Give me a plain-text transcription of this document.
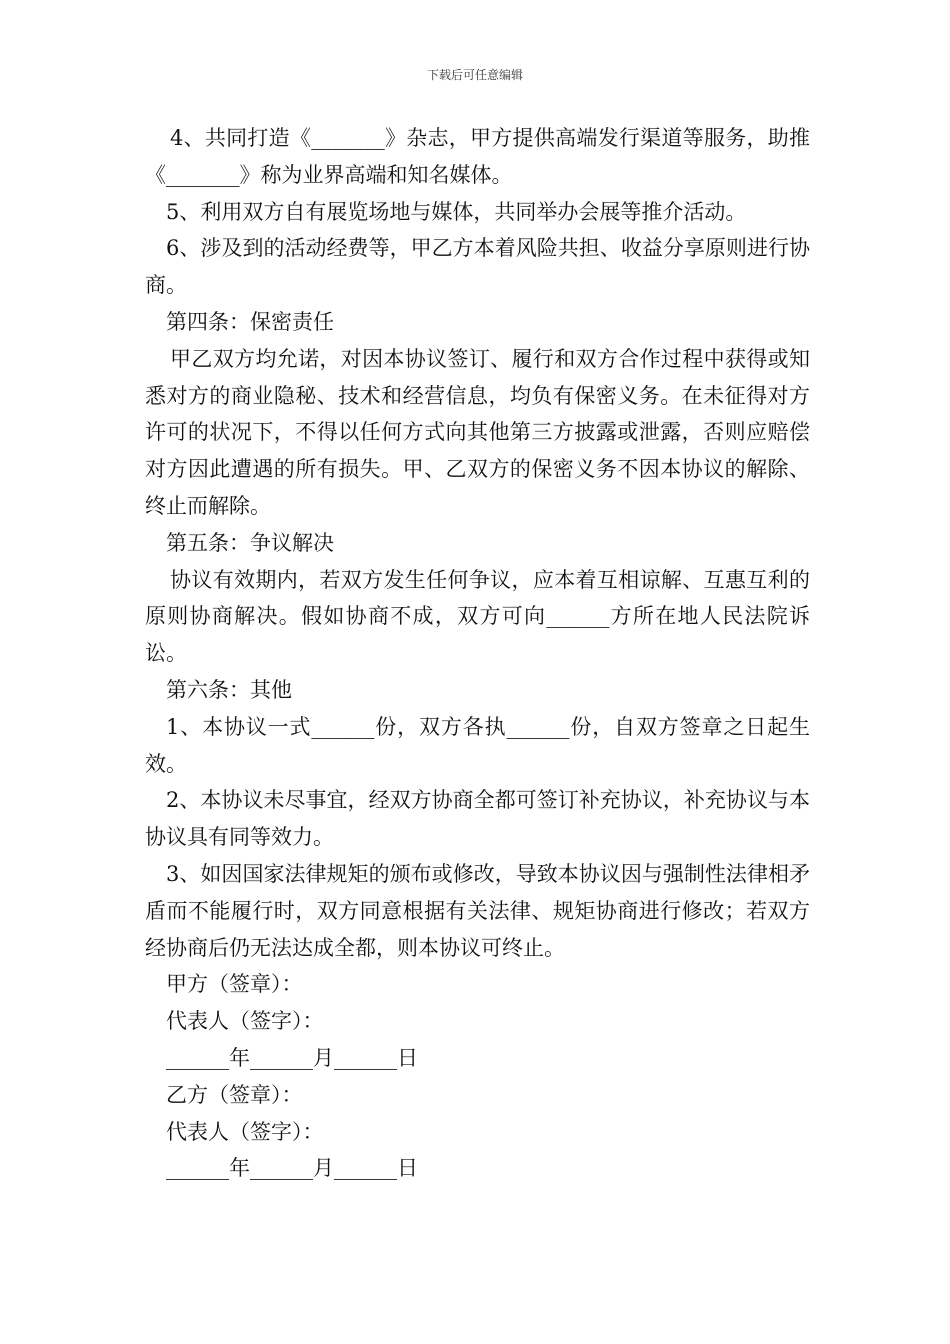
下载后可任意编辑

4、共同打造《_______》杂志，甲方提供高端发行渠道等服务，助推《_______》称为业界高端和知名媒体。

5、利用双方自有展览场地与媒体，共同举办会展等推介活动。

6、涉及到的活动经费等，甲乙方本着风险共担、收益分享原则进行协商。

第四条：保密责任

甲乙双方均允诺，对因本协议签订、履行和双方合作过程中获得或知悉对方的商业隐秘、技术和经营信息，均负有保密义务。在未征得对方许可的状况下，不得以任何方式向其他第三方披露或泄露，否则应赔偿对方因此遭遇的所有损失。甲、乙双方的保密义务不因本协议的解除、终止而解除。

第五条：争议解决

协议有效期内，若双方发生任何争议，应本着互相谅解、互惠互利的原则协商解决。假如协商不成，双方可向______方所在地人民法院诉讼。

第六条：其他

1、本协议一式______份，双方各执______份，自双方签章之日起生效。

2、本协议未尽事宜，经双方协商全都可签订补充协议，补充协议与本协议具有同等效力。

3、如因国家法律规矩的颁布或修改，导致本协议因与强制性法律相矛盾而不能履行时，双方同意根据有关法律、规矩协商进行修改；若双方经协商后仍无法达成全都，则本协议可终止。

甲方（签章）：

代表人（签字）：

______年______月______日

乙方（签章）：

代表人（签字）：

______年______月______日
